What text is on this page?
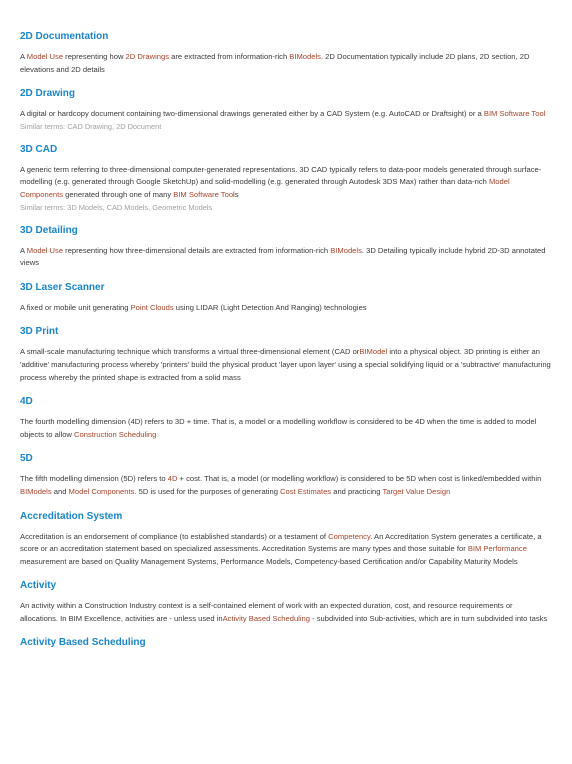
2D Documentation

A Model Use representing how 2D Drawings are extracted from information-rich BIModels. 2D Documentation typically include 2D plans, 2D section, 2D elevations and 2D details

2D Drawing

A digital or hardcopy document containing two-dimensional drawings generated either by a CAD System (e.g. AutoCAD or Draftsight) or a BIM Software Tool

Similar terms: CAD Drawing, 2D Document

3D CAD

A generic term referring to three-dimensional computer-generated representations. 3D CAD typically refers to data-poor models generated through surface-modelling (e.g. generated through Google SketchUp) and solid-modelling (e.g. generated through Autodesk 3DS Max) rather than data-rich Model Components generated through one of many BIM Software Tools

Similar terms: 3D Models, CAD Models, Geometric Models

3D Detailing

A Model Use representing how three-dimensional details are extracted from information-rich BIModels. 3D Detailing typically include hybrid 2D-3D annotated views

3D Laser Scanner

A fixed or mobile unit generating Point Clouds using LIDAR (Light Detection And Ranging) technologies

3D Print

A small-scale manufacturing technique which transforms a virtual three-dimensional element (CAD orBIModel into a physical object. 3D printing is either an 'additive' manufacturing process whereby 'printers' build the physical product 'layer upon layer' using a special solidifying liquid or a 'subtractive' manufacturing process whereby the printed shape is extracted from a solid mass

4D

The fourth modelling dimension (4D) refers to 3D + time. That is, a model or a modelling workflow is considered to be 4D when the time is added to model objects to allow Construction Scheduling

5D

The fifth modelling dimension (5D) refers to 4D + cost. That is, a model (or modelling workflow) is considered to be 5D when cost is linked/embedded within BIModels and Model Components. 5D is used for the purposes of generating Cost Estimates and practicing Target Value Design

Accreditation System

Accreditation is an endorsement of compliance (to established standards) or a testament of Competency. An Accreditation System generates a certificate, a score or an accreditation statement based on specialized assessments. Accreditation Systems are many types and those suitable for BIM Performance measurement are based on Quality Management Systems, Performance Models, Competency-based Certification and/or Capability Maturity Models

Activity

An activity within a Construction Industry context is a self-contained element of work with an expected duration, cost, and resource requirements or allocations. In BIM Excellence, activities are - unless used inActivity Based Scheduling - subdivided into Sub-activities, which are in turn subdivided into tasks

Activity Based Scheduling
